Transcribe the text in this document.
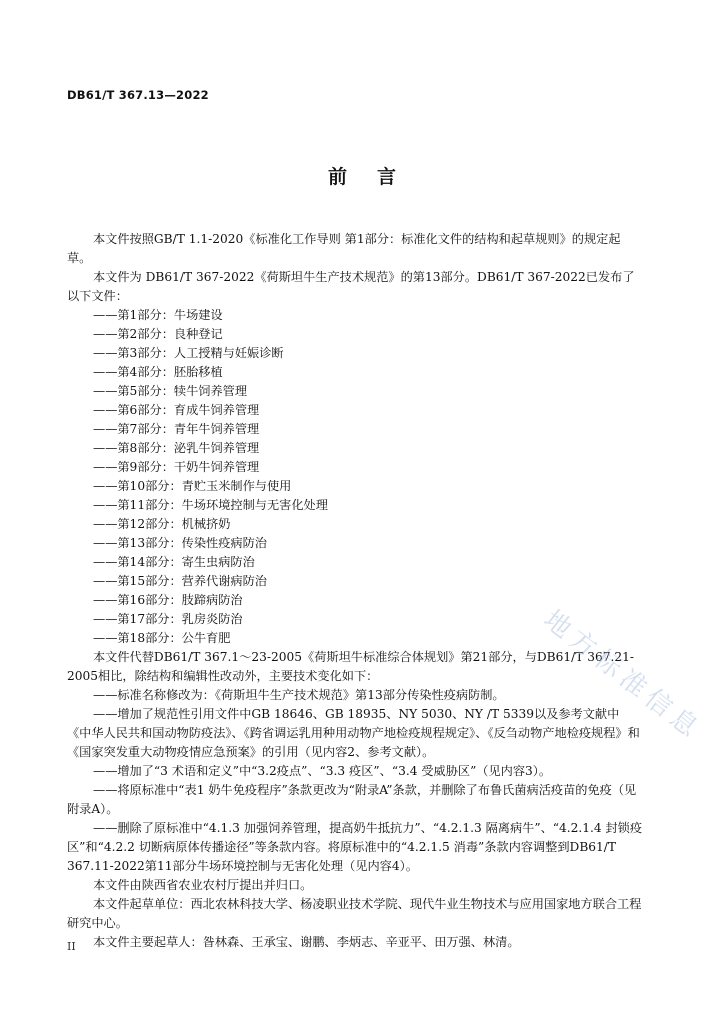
DB61/T 367.13—2022
前言

本文件按照GB/T 1.1-2020《标准化工作导则 第1部分：标准化文件的结构和起草规则》的规定起草。

本文件为 DB61/T 367-2022《荷斯坦牛生产技术规范》的第13部分。DB61/T 367-2022已发布了以下文件：

——第1部分：牛场建设

——第2部分：良种登记

——第3部分：人工授精与妊娠诊断

——第4部分：胚胎移植

——第5部分：犊牛饲养管理

——第6部分：育成牛饲养管理

——第7部分：青年牛饲养管理

——第8部分：泌乳牛饲养管理

——第9部分：干奶牛饲养管理

——第10部分：青贮玉米制作与使用

——第11部分：牛场环境控制与无害化处理

——第12部分：机械挤奶

——第13部分：传染性疫病防治

——第14部分：寄生虫病防治

——第15部分：营养代谢病防治

——第16部分：肢蹄病防治

——第17部分：乳房炎防治

——第18部分：公牛育肥

本文件代替DB61/T 367.1～23-2005《荷斯坦牛标准综合体规划》第21部分，与DB61/T 367.21-2005相比，除结构和编辑性改动外，主要技术变化如下：

——标准名称修改为：《荷斯坦牛生产技术规范》第13部分传染性疫病防制。

——增加了规范性引用文件中GB 18646、GB 18935、NY 5030、NY /T 5339以及参考文献中《中华人民共和国动物防疫法》、《跨省调运乳用种用动物产地检疫规程规定》、《反刍动物产地检疫规程》和《国家突发重大动物疫情应急预案》的引用（见内容2、参考文献）。

——增加了“3 术语和定义”中“3.2疫点”、“3.3 疫区”、“3.4 受威胁区”（见内容3）。

——将原标准中“表1 奶牛免疫程序”条款更改为“附录A”条款，并删除了布鲁氏菌病活疫苗的免疫（见附录A）。

——删除了原标准中“4.1.3 加强饲养管理，提高奶牛抵抗力”、“4.2.1.3 隔离病牛”、“4.2.1.4 封锁疫区”和“4.2.2 切断病原体传播途径”等条款内容。将原标准中的“4.2.1.5 消毒”条款内容调整到DB61/T 367.11-2022第11部分牛场环境控制与无害化处理（见内容4）。

本文件由陕西省农业农村厅提出并归口。

本文件起草单位：西北农林科技大学、杨凌职业技术学院、现代牛业生物技术与应用国家地方联合工程研究中心。

本文件主要起草人：昝林森、王承宝、谢鹏、李炳志、辛亚平、田万强、林清。

II
地方标准信息
